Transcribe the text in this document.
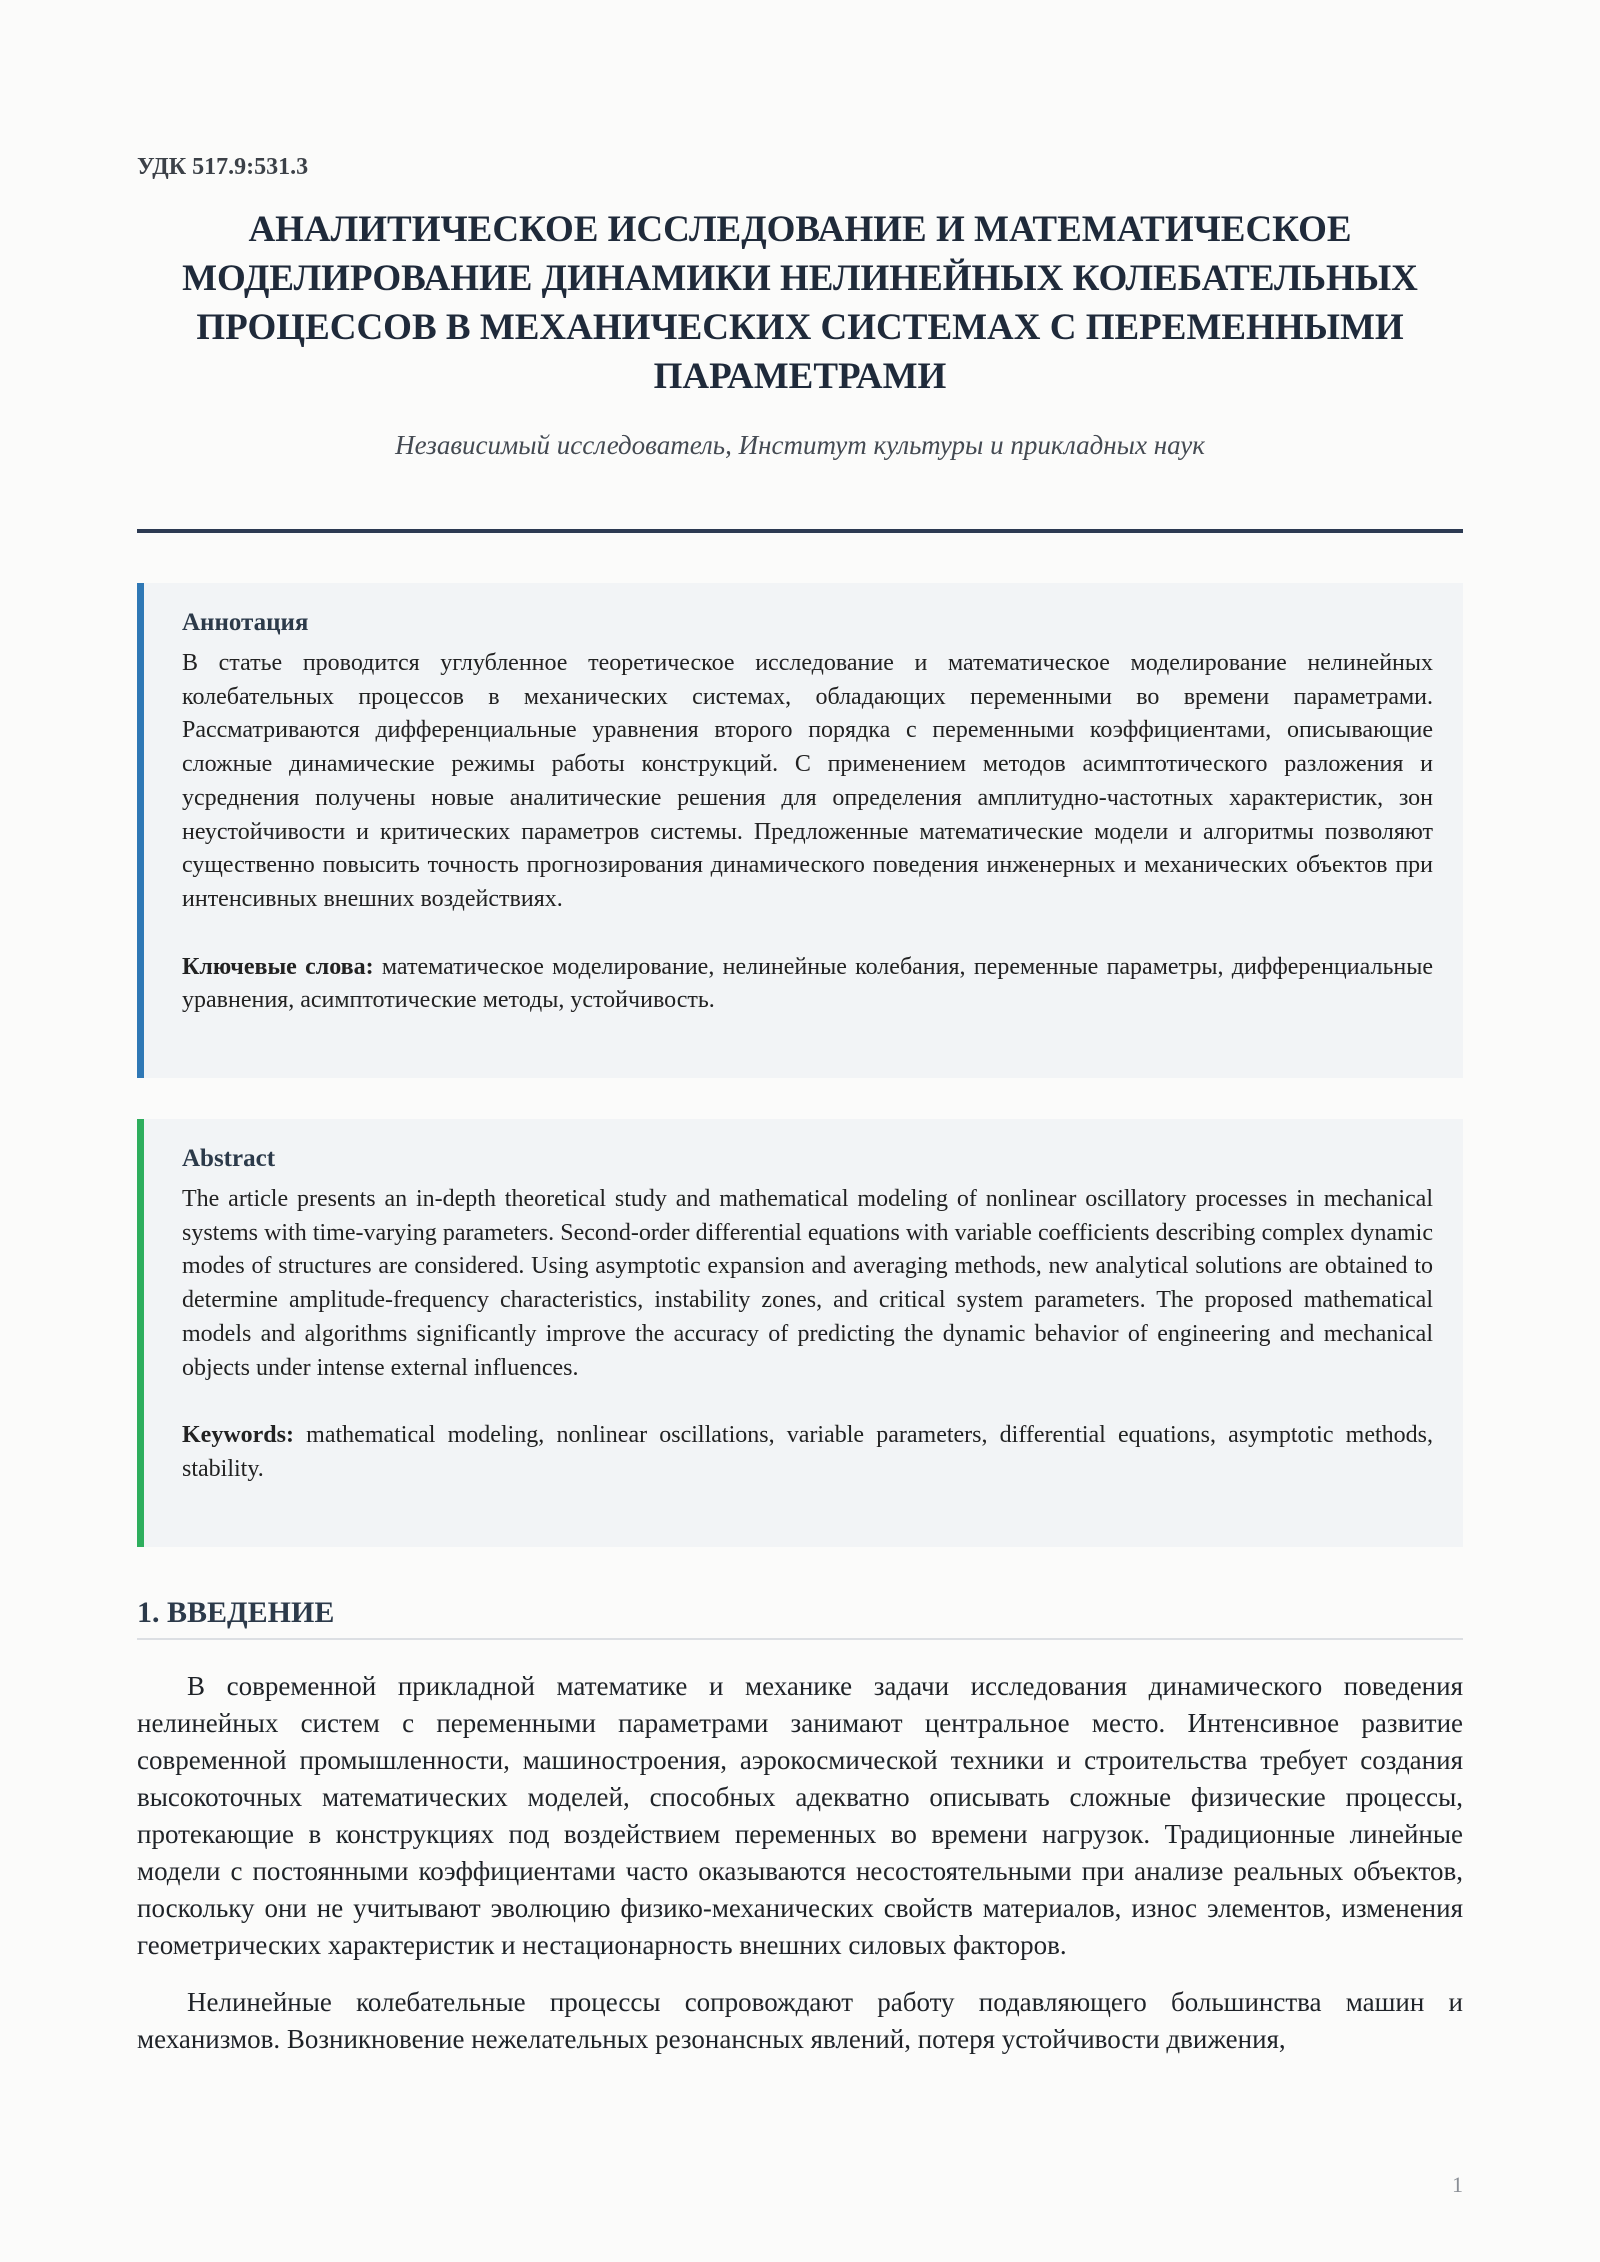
УДК 517.9:531.3
АНАЛИТИЧЕСКОЕ ИССЛЕДОВАНИЕ И МАТЕМАТИЧЕСКОЕ
МОДЕЛИРОВАНИЕ ДИНАМИКИ НЕЛИНЕЙНЫХ КОЛЕБАТЕЛЬНЫХ
ПРОЦЕССОВ В МЕХАНИЧЕСКИХ СИСТЕМАХ С ПЕРЕМЕННЫМИ
ПАРАМЕТРАМИ
Независимый исследователь, Институт культуры и прикладных наук
Аннотация

В статье проводится углубленное теоретическое исследование и математическое моделирование нелинейных колебательных процессов в механических системах, обладающих переменными во времени параметрами. Рассматриваются дифференциальные уравнения второго порядка с переменными коэффициентами, описывающие сложные динамические режимы работы конструкций. С применением методов асимптотического разложения и усреднения получены новые аналитические решения для определения амплитудно-частотных характеристик, зон неустойчивости и критических параметров системы. Предложенные математические модели и алгоритмы позволяют существенно повысить точность прогнозирования динамического поведения инженерных и механических объектов при интенсивных внешних воздействиях.

Ключевые слова: математическое моделирование, нелинейные колебания, переменные параметры, дифференциальные уравнения, асимптотические методы, устойчивость.

Abstract

The article presents an in-depth theoretical study and mathematical modeling of nonlinear oscillatory processes in mechanical systems with time-varying parameters. Second-order differential equations with variable coefficients describing complex dynamic modes of structures are considered. Using asymptotic expansion and averaging methods, new analytical solutions are obtained to determine amplitude-frequency characteristics, instability zones, and critical system parameters. The proposed mathematical models and algorithms significantly improve the accuracy of predicting the dynamic behavior of engineering and mechanical objects under intense external influences.

Keywords: mathematical modeling, nonlinear oscillations, variable parameters, differential equations, asymptotic methods, stability.

1. ВВЕДЕНИЕ

В современной прикладной математике и механике задачи исследования динамического поведения нелинейных систем с переменными параметрами занимают центральное место. Интенсивное развитие современной промышленности, машиностроения, аэрокосмической техники и строительства требует создания высокоточных математических моделей, способных адекватно описывать сложные физические процессы, протекающие в конструкциях под воздействием переменных во времени нагрузок. Традиционные линейные модели с постоянными коэффициентами часто оказываются несостоятельными при анализе реальных объектов, поскольку они не учитывают эволюцию физико-механических свойств материалов, износ элементов, изменения геометрических характеристик и нестационарность внешних силовых факторов.

Нелинейные колебательные процессы сопровождают работу подавляющего большинства машин и механизмов. Возникновение нежелательных резонансных явлений, потеря устойчивости движения,

1
